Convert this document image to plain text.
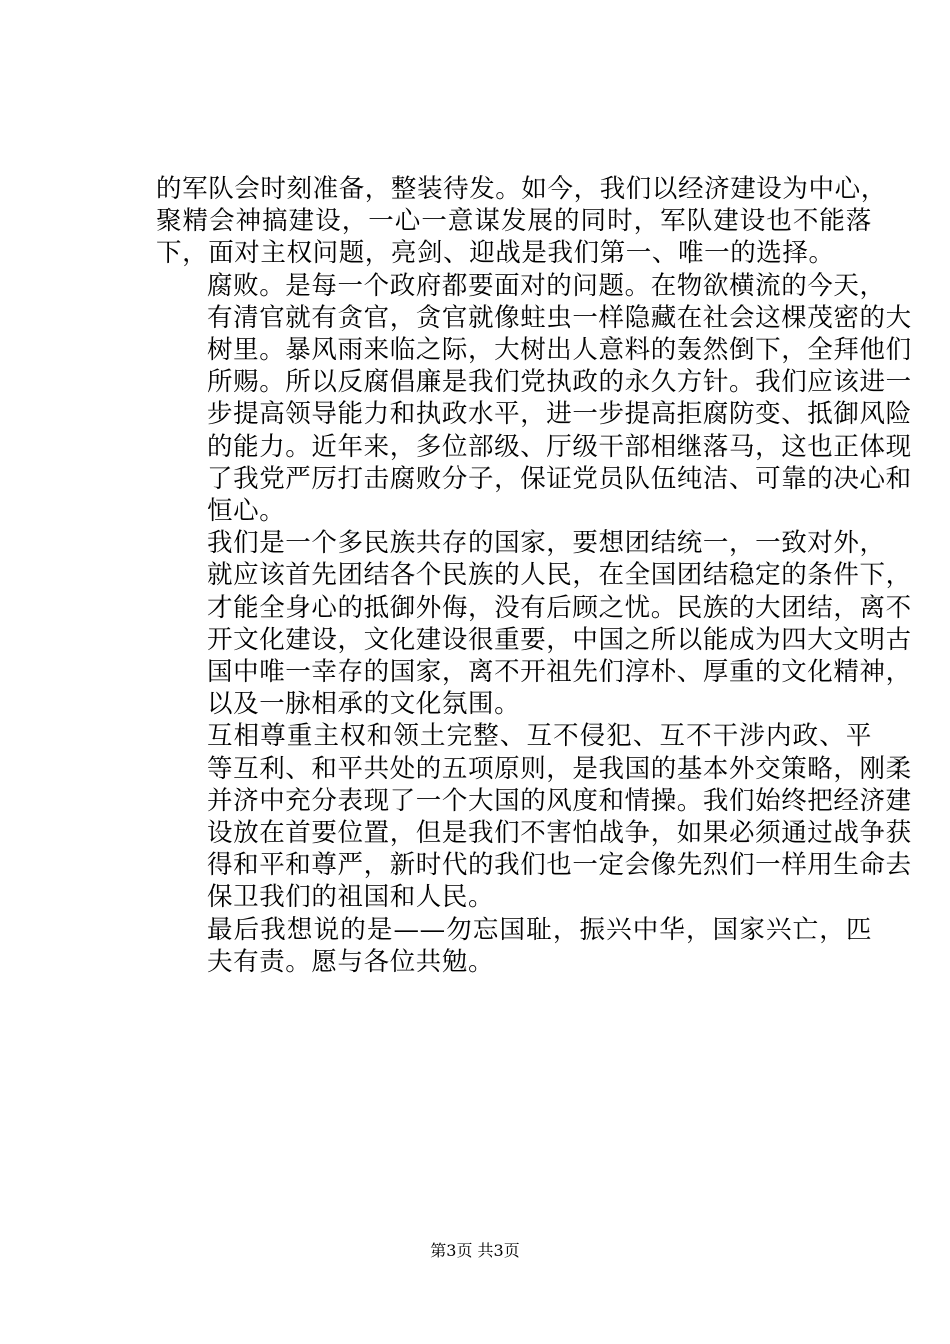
的军队会时刻准备，整装待发。如今，我们以经济建设为中心，
聚精会神搞建设，一心一意谋发展的同时，军队建设也不能落
下，面对主权问题，亮剑、迎战是我们第一、唯一的选择。

腐败。是每一个政府都要面对的问题。在物欲横流的今天，
有清官就有贪官，贪官就像蛀虫一样隐藏在社会这棵茂密的大
树里。暴风雨来临之际，大树出人意料的轰然倒下，全拜他们
所赐。所以反腐倡廉是我们党执政的永久方针。我们应该进一
步提高领导能力和执政水平，进一步提高拒腐防变、抵御风险
的能力。近年来，多位部级、厅级干部相继落马，这也正体现
了我党严厉打击腐败分子，保证党员队伍纯洁、可靠的决心和
恒心。

我们是一个多民族共存的国家，要想团结统一，一致对外，
就应该首先团结各个民族的人民，在全国团结稳定的条件下，
才能全身心的抵御外侮，没有后顾之忧。民族的大团结，离不
开文化建设，文化建设很重要，中国之所以能成为四大文明古
国中唯一幸存的国家，离不开祖先们淳朴、厚重的文化精神，
以及一脉相承的文化氛围。

互相尊重主权和领土完整、互不侵犯、互不干涉内政、平
等互利、和平共处的五项原则，是我国的基本外交策略，刚柔
并济中充分表现了一个大国的风度和情操。我们始终把经济建
设放在首要位置，但是我们不害怕战争，如果必须通过战争获
得和平和尊严，新时代的我们也一定会像先烈们一样用生命去
保卫我们的祖国和人民。

最后我想说的是——勿忘国耻，振兴中华，国家兴亡，匹
夫有责。愿与各位共勉。

第3页 共3页
